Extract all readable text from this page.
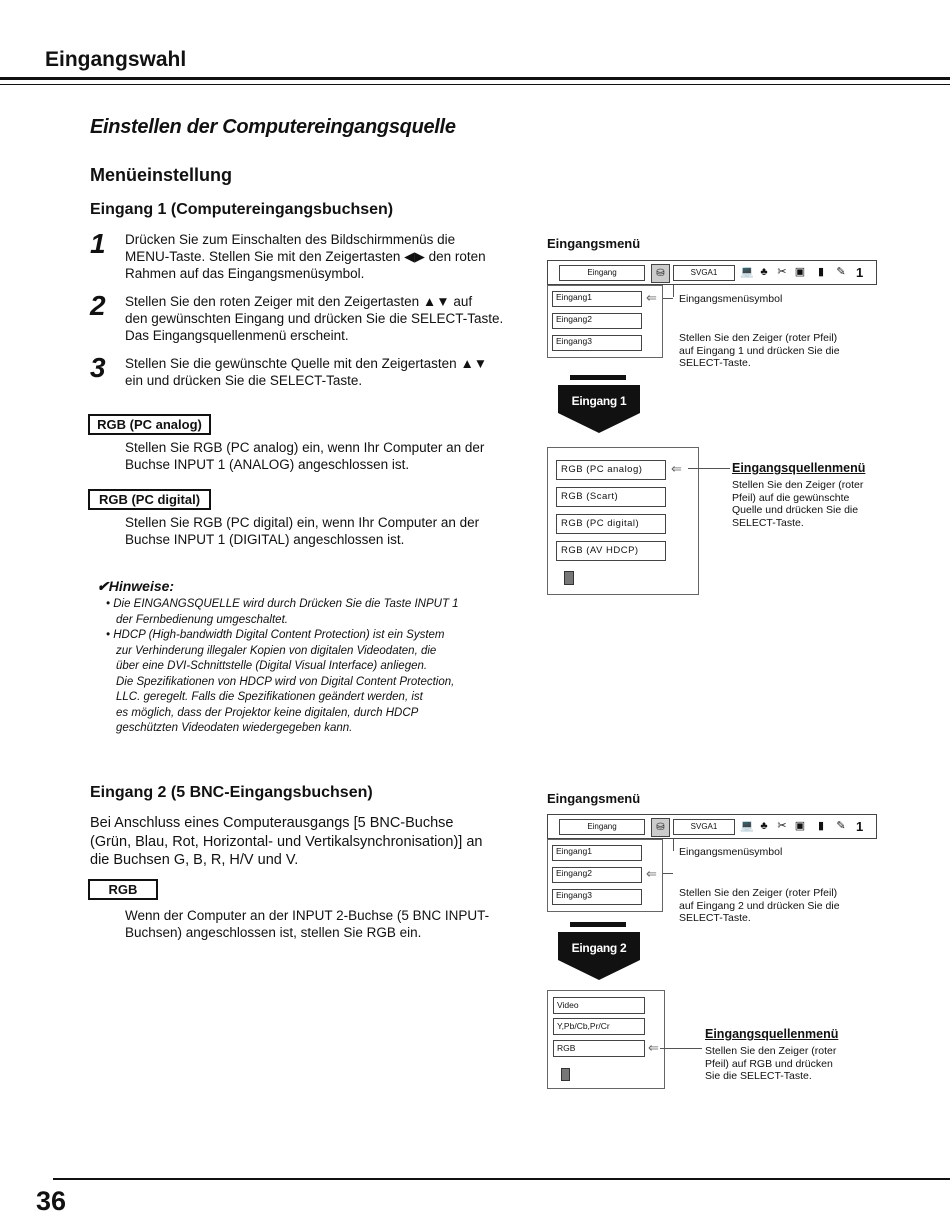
Eingangswahl
Einstellen der Computereingangsquelle
Menüeinstellung
Eingang 1 (Computereingangsbuchsen)
1 Drücken Sie zum Einschalten des Bildschirmmenüs die
MENU-Taste. Stellen Sie mit den Zeigertasten ◀▶ den roten
Rahmen auf das Eingangsmenüsymbol.
2 Stellen Sie den roten Zeiger mit den Zeigertasten ▲▼ auf
den gewünschten Eingang und drücken Sie die SELECT-Taste.
Das Eingangsquellenmenü erscheint.
3 Stellen Sie die gewünschte Quelle mit den Zeigertasten ▲▼
ein und drücken Sie die SELECT-Taste.
RGB (PC analog)
Stellen Sie RGB (PC analog) ein, wenn Ihr Computer an der
Buchse INPUT 1 (ANALOG) angeschlossen ist.
RGB (PC digital)
Stellen Sie RGB (PC digital) ein, wenn Ihr Computer an der
Buchse INPUT 1 (DIGITAL) angeschlossen ist.
✔Hinweise:
• Die EINGANGSQUELLE wird durch Drücken Sie die Taste INPUT 1
der Fernbedienung umgeschaltet.
• HDCP (High-bandwidth Digital Content Protection) ist ein System
zur Verhinderung illegaler Kopien von digitalen Videodaten, die
über eine DVI-Schnittstelle (Digital Visual Interface) anliegen.
Die Spezifikationen von HDCP wird von Digital Content Protection,
LLC. geregelt. Falls die Spezifikationen geändert werden, ist
es möglich, dass der Projektor keine digitalen, durch HDCP
geschützten Videodaten wiedergegeben kann.
Eingang 2 (5 BNC-Eingangsbuchsen)
Bei Anschluss eines Computerausgangs [5 BNC-Buchse
(Grün, Blau, Rot, Horizontal- und Vertikalsynchronisation)] an
die Buchsen G, B, R, H/V und V.
RGB
Wenn der Computer an der INPUT 2-Buchse (5 BNC INPUT-
Buchsen) angeschlossen ist, stellen Sie RGB ein.
Eingangsmenü
Eingang	⛁	SVGA1	💻 ♣ ✂ ▣ ▮ ✎ 1
Eingang1
Eingang2
Eingang3
⇐ Eingangsmenüsymbol
Stellen Sie den Zeiger (roter Pfeil)
auf Eingang 1 und drücken Sie die
SELECT-Taste.
Eingang 1
RGB (PC analog)
RGB (Scart)
RGB (PC digital)
RGB (AV HDCP)
⇐	Eingangsquellenmenü
Stellen Sie den Zeiger (roter
Pfeil) auf die gewünschte
Quelle und drücken Sie die
SELECT-Taste.
Eingangsmenü
Eingang	⛁	SVGA1	💻 ♣ ✂ ▣ ▮ ✎ 1
Eingang1
Eingang2
Eingang3
⇐
Eingangsmenüsymbol
Stellen Sie den Zeiger (roter Pfeil)
auf Eingang 2 und drücken Sie die
SELECT-Taste.
Eingang 2
Video
Y,Pb/Cb,Pr/Cr
RGB	⇐
Eingangsquellenmenü
Stellen Sie den Zeiger (roter
Pfeil) auf RGB und drücken
Sie die SELECT-Taste.
36
